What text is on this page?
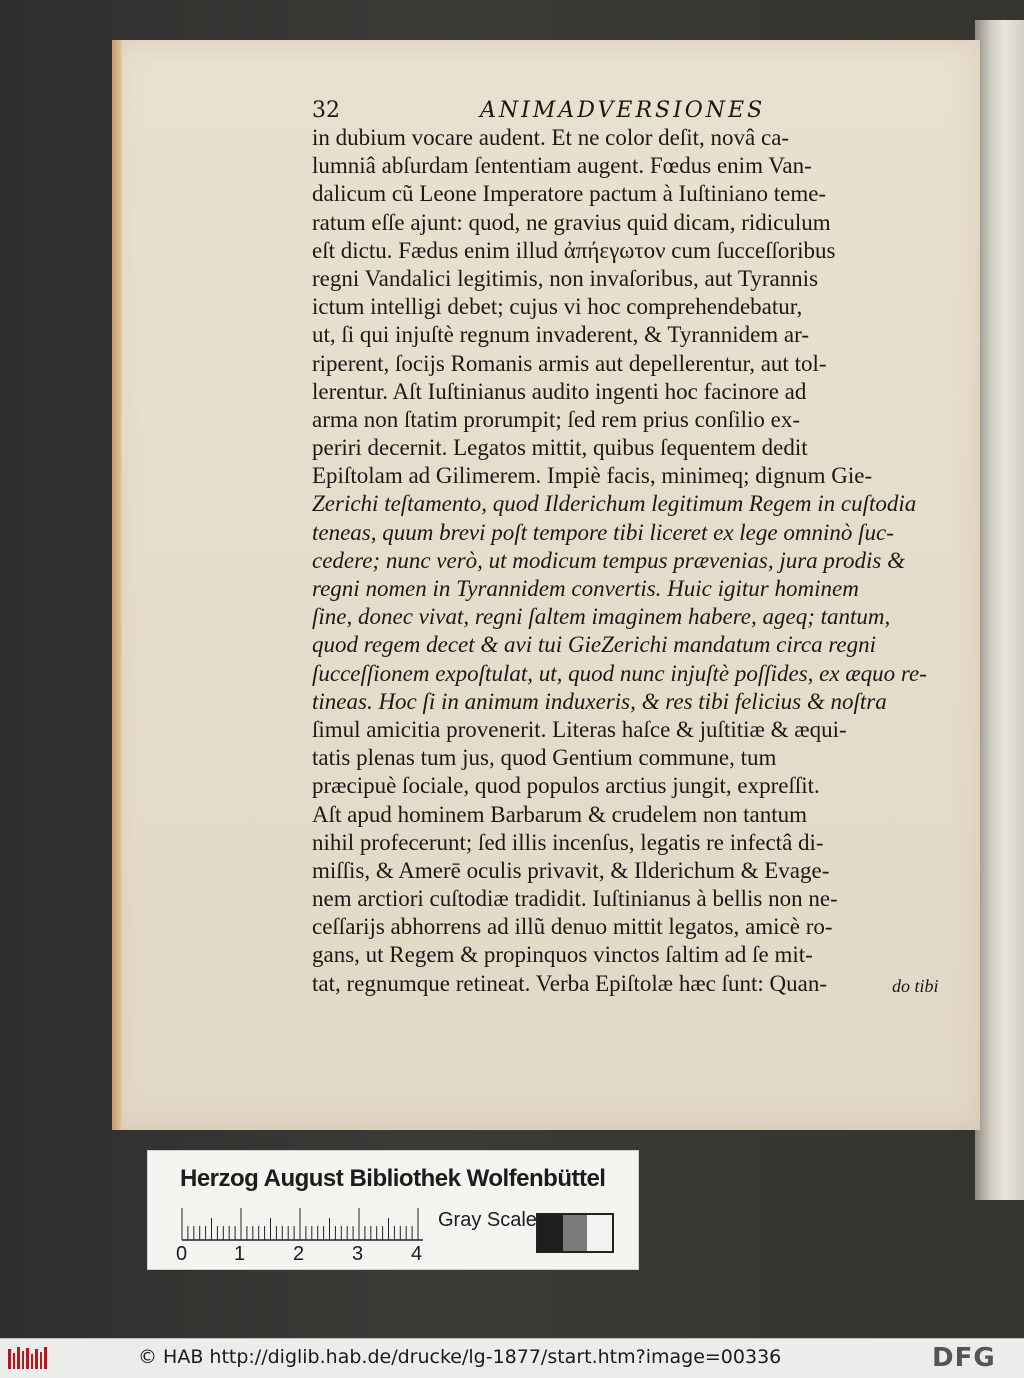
32	ANIMADVERSIONES
in dubium vocare audent. Et ne color deſit, novâ ca-
lumniâ abſurdam ſententiam augent. Fœdus enim Van-
dalicum cũ Leone Imperatore pactum à Iuſtiniano teme-
ratum eſſe ajunt: quod, ne gravius quid dicam, ridiculum
eſt dictu. Fædus enim illud ἀπήεγωτον cum ſucceſſoribus
regni Vandalici legitimis, non invaſoribus, aut Tyrannis
ictum intelligi debet; cujus vi hoc comprehendebatur,
ut, ſi qui injuſtè regnum invaderent, & Tyrannidem ar-
riperent, ſocijs Romanis armis aut depellerentur, aut tol-
lerentur. Aſt Iuſtinianus audito ingenti hoc facinore ad
arma non ſtatim prorumpit; ſed rem prius conſilio ex-
periri decernit. Legatos mittit, quibus ſequentem dedit
Epiſtolam ad Gilimerem. Impiè facis, minimeq; dignum Gie-
Zerichi teſtamento, quod Ilderichum legitimum Regem in cuſtodia
teneas, quum brevi poſt tempore tibi liceret ex lege omninò ſuc-
cedere; nunc verò, ut modicum tempus prævenias, jura prodis &
regni nomen in Tyrannidem convertis. Huic igitur hominem
ſine, donec vivat, regni ſaltem imaginem habere, ageq; tantum,
quod regem decet & avi tui GieZerichi mandatum circa regni
ſucceſſionem expoſtulat, ut, quod nunc injuſtè poſſides, ex æquo re-
tineas. Hoc ſi in animum induxeris, & res tibi felicius & noſtra
ſimul amicitia provenerit. Literas haſce & juſtitiæ & æqui-
tatis plenas tum jus, quod Gentium commune, tum
præcipuè ſociale, quod populos arctius jungit, expreſſit.
Aſt apud hominem Barbarum & crudelem non tantum
nihil profecerunt; ſed illis incenſus, legatis re infectâ di-
miſſis, & Amerē oculis privavit, & Ilderichum & Evage-
nem arctiori cuſtodiæ tradidit. Iuſtinianus à bellis non ne-
ceſſarijs abhorrens ad illũ denuo mittit legatos, amicè ro-
gans, ut Regem & propinquos vinctos ſaltim ad ſe mit-
tat, regnumque retineat. Verba Epiſtolæ hæc ſunt: Quan-	do tibi
Herzog August Bibliothek Wolfenbüttel
0 1 2 3 4
Gray Scale
© HAB http://diglib.hab.de/drucke/lg-1877/start.htm?image=00336	DFG
